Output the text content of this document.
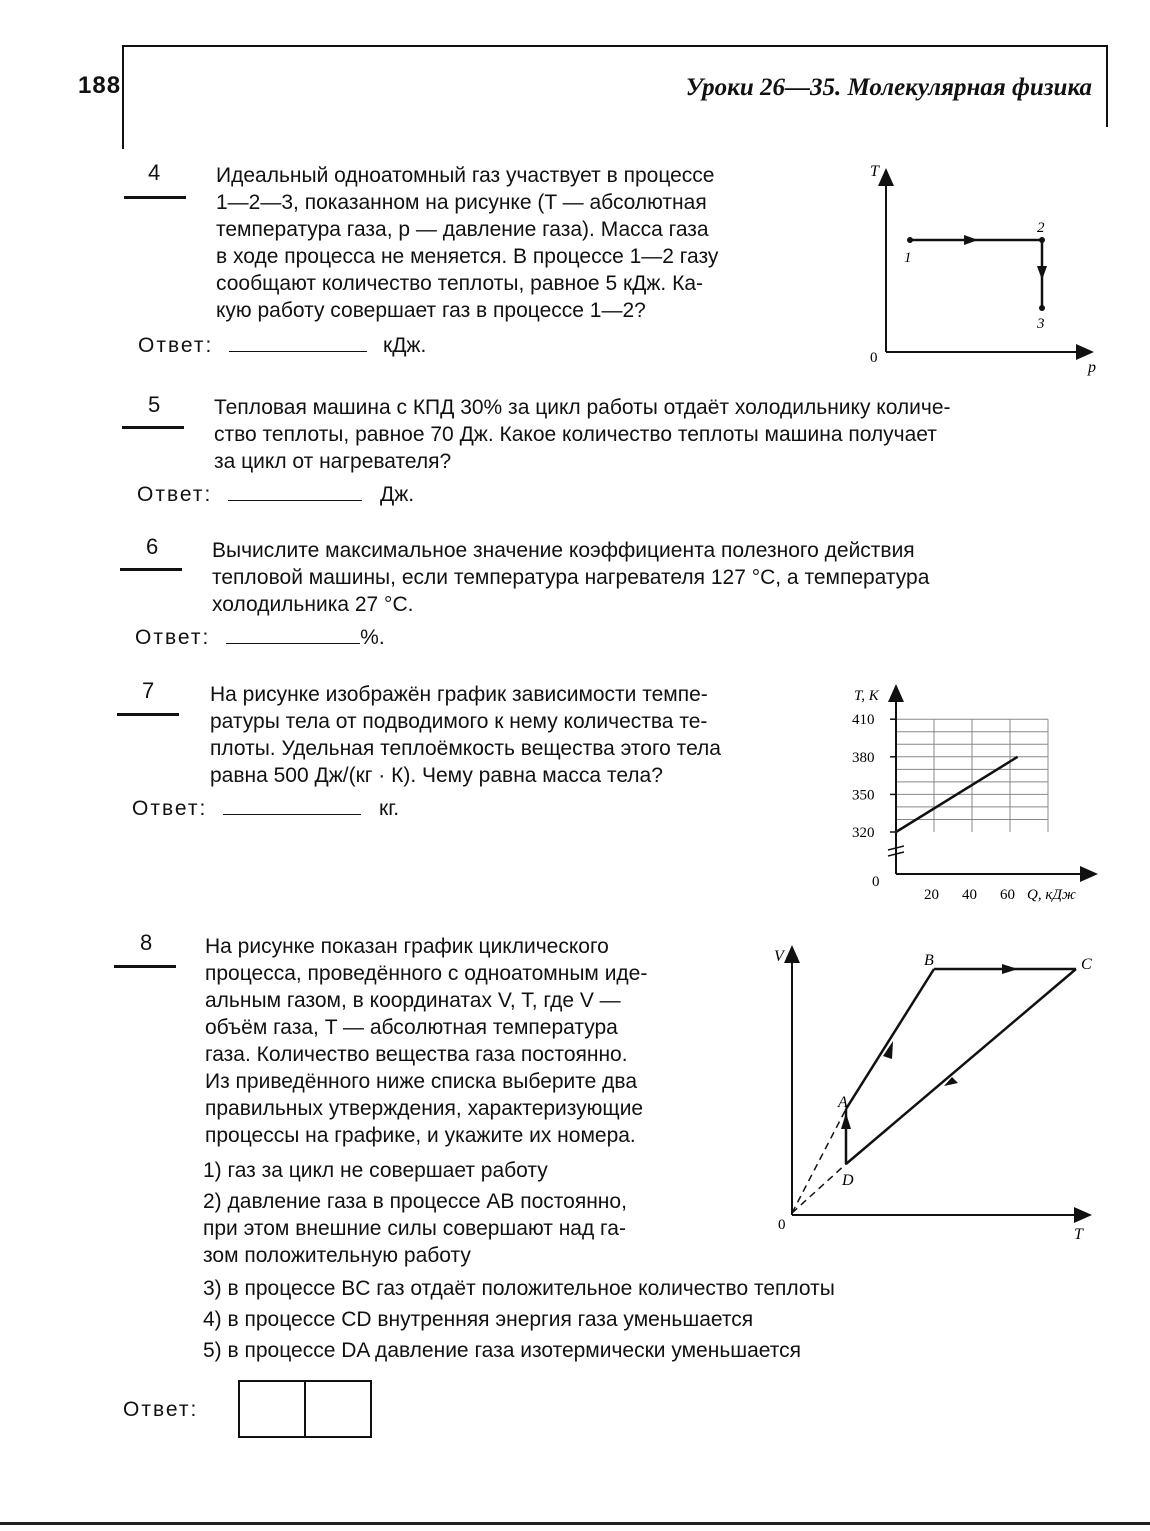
188	Уроки 26—35. Молекулярная физика
4	Идеальный одноатомный газ участвует в процессе

1—2—3, показанном на рисунке (T — абсолютная

температура газа, p — давление газа). Масса газа

в ходе процесса не меняется. В процессе 1—2 газу

сообщают количество теплоты, равное 5 кДж. Ка-

кую работу совершает газ в процессе 1—2?

Ответ:	кДж.
T
p
0
1
2
3
5	Тепловая машина с КПД 30% за цикл работы отдаёт холодильнику количе-

ство теплоты, равное 70 Дж. Какое количество теплоты машина получает

за цикл от нагревателя?

Ответ:	Дж.
6	Вычислите максимальное значение коэффициента полезного действия

тепловой машины, если температура нагревателя 127 °С, а температура

холодильника 27 °С.

Ответ:	%.
7	На рисунке изображён график зависимости темпе-

ратуры тела от подводимого к нему количества те-

плоты. Удельная теплоёмкость вещества этого тела

равна 500 Дж/(кг · К). Чему равна масса тела?

Ответ:	кг.
T, К
Q, кДж
0
320
350
380
410
20 40 60
8	На рисунке показан график циклического

процесса, проведённого с одноатомным иде-

альным газом, в координатах V, T, где V —

объём газа, T — абсолютная температура

газа. Количество вещества газа постоянно.

Из приведённого ниже списка выберите два

правильных утверждения, характеризующие

процессы на графике, и укажите их номера.

1) газ за цикл не совершает работу
2) давление газа в процессе AB постоянно,
при этом внешние силы совершают над га-
зом положительную работу
3) в процессе BC газ отдаёт положительное количество теплоты
4) в процессе CD внутренняя энергия газа уменьшается
5) в процессе DA давление газа изотермически уменьшается
V
T
0
A
B	C
D
Ответ:
